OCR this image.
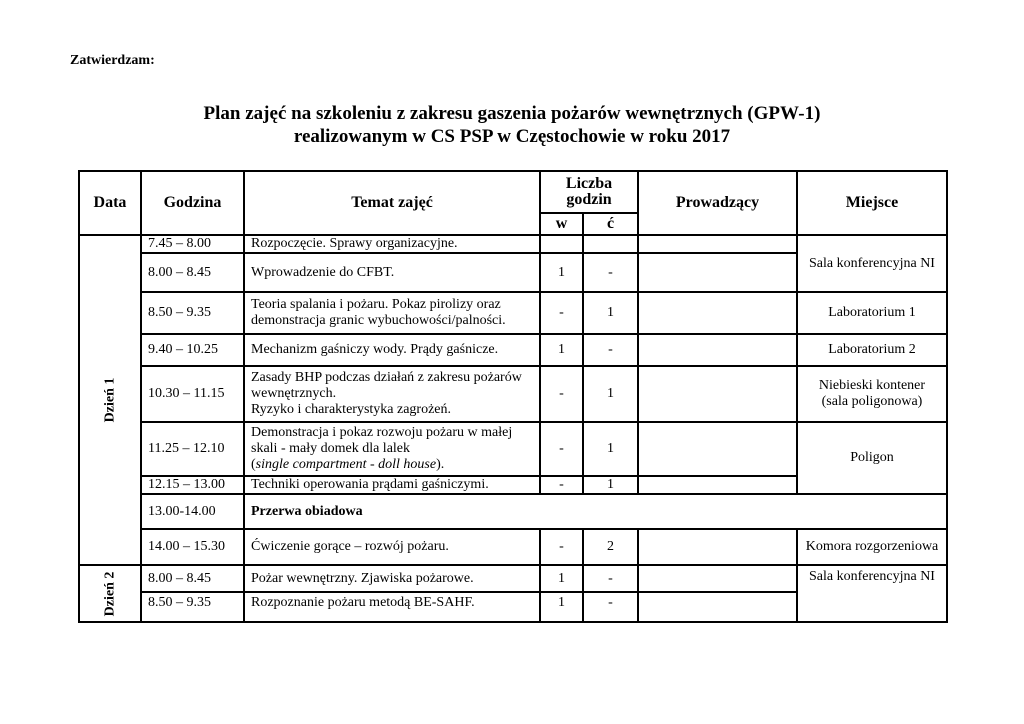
Zatwierdzam:
Plan zajęć na szkoleniu z zakresu gaszenia pożarów wewnętrznych (GPW-1)
realizowanym w CS PSP w Częstochowie w roku 2017
Data	Godzina	Temat zajęć	Liczba godzin		Prowadzący	Miejsce
			w	ć		
Dzień 1	7.45 – 8.00	Rozpoczęcie. Sprawy organizacyjne.				Sala konferencyjna NI
	8.00 – 8.45	Wprowadzenie do CFBT.	1	-		
	8.50 – 9.35	Teoria spalania i pożaru. Pokaz pirolizy oraz demonstracja granic wybuchowości/palności.	-	1		Laboratorium 1
	9.40 – 10.25	Mechanizm gaśniczy wody. Prądy gaśnicze.	1	-		Laboratorium 2
	10.30 – 11.15	Zasady BHP podczas działań z zakresu pożarów wewnętrznych.
Ryzyko i charakterystyka zagrożeń.	-	1		Niebieski kontener (sala poligonowa)
	11.25 – 12.10	Demonstracja i pokaz rozwoju pożaru w małej skali - mały domek dla lalek
(single compartment - doll house).	-	1		Poligon
	12.15 – 13.00	Techniki operowania prądami gaśniczymi.	-	1		
	13.00-14.00	Przerwa obiadowa				
	14.00 – 15.30	Ćwiczenie gorące – rozwój pożaru.	-	2		Komora rozgorzeniowa
Dzień 2	8.00 – 8.45	Pożar wewnętrzny. Zjawiska pożarowe.	1	-		Sala konferencyjna NI
	8.50 – 9.35	Rozpoznanie pożaru metodą BE-SAHF.	1	-		
